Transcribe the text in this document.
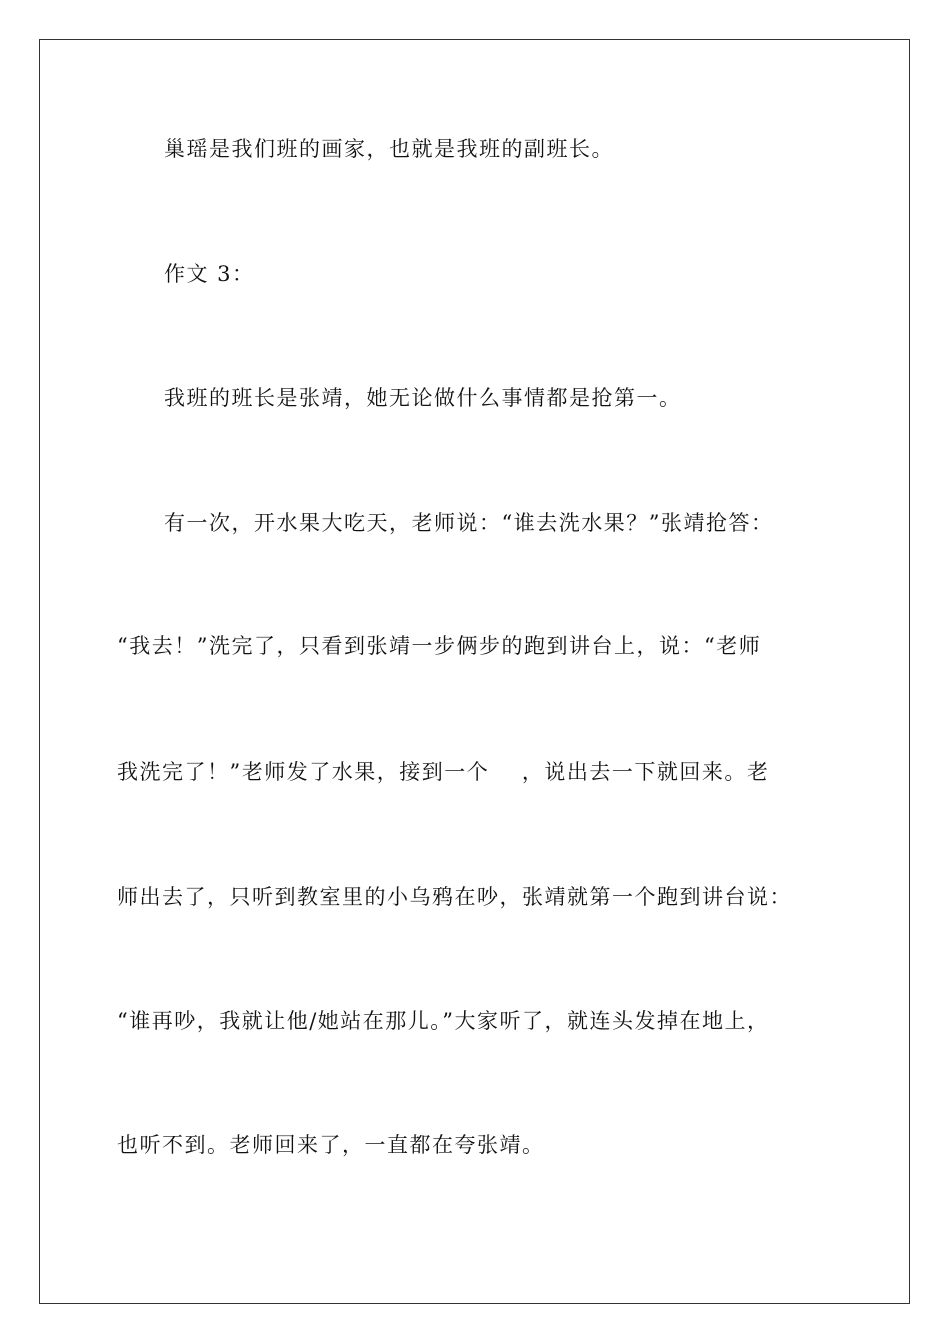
巢瑶是我们班的画家，也就是我班的副班长。
作文 3：
我班的班长是张靖，她无论做什么事情都是抢第一。
有一次，开水果大吃天，老师说：“谁去洗水果？”张靖抢答：
“我去！”洗完了，只看到张靖一步俩步的跑到讲台上，说：“老师
我洗完了！”老师发了水果，接到一个    ，说出去一下就回来。老
师出去了，只听到教室里的小乌鸦在吵，张靖就第一个跑到讲台说：
“谁再吵，我就让他/她站在那儿。”大家听了，就连头发掉在地上，
也听不到。老师回来了，一直都在夸张靖。
